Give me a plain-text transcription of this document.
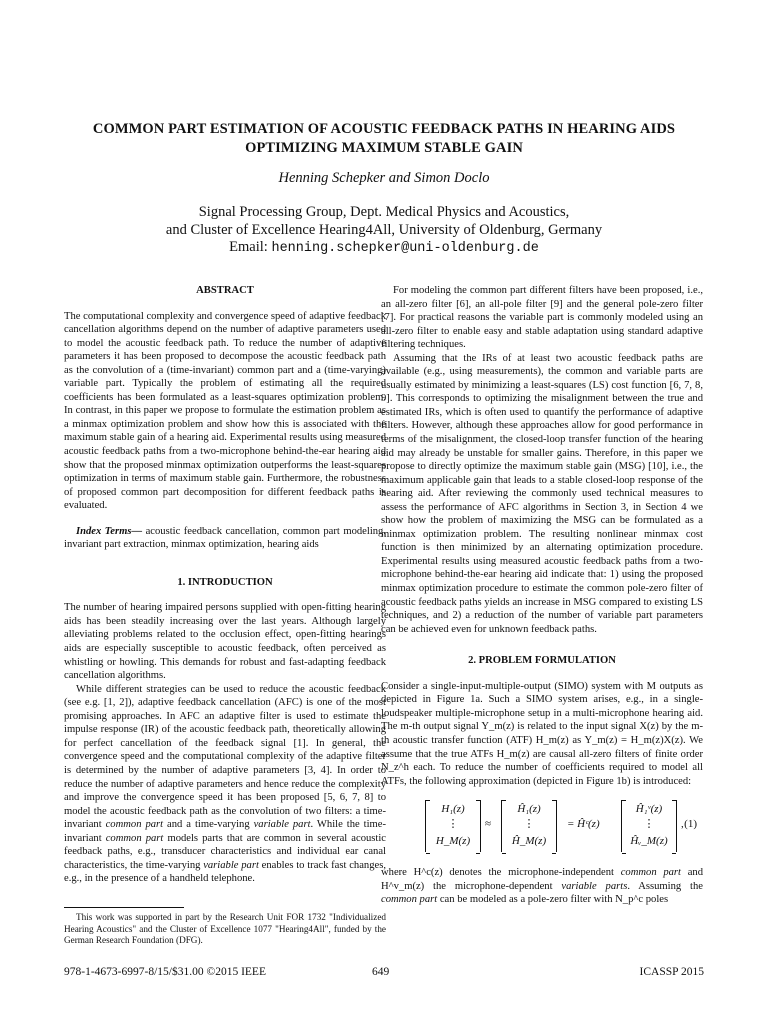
COMMON PART ESTIMATION OF ACOUSTIC FEEDBACK PATHS IN HEARING AIDS
OPTIMIZING MAXIMUM STABLE GAIN
Henning Schepker and Simon Doclo
Signal Processing Group, Dept. Medical Physics and Acoustics,
and Cluster of Excellence Hearing4All, University of Oldenburg, Germany
Email: henning.schepker@uni-oldenburg.de
ABSTRACT

The computational complexity and convergence speed of adaptive feedback cancellation algorithms depend on the number of adaptive parameters used to model the acoustic feedback path. To reduce the number of adaptive parameters it has been proposed to decompose the acoustic feedback path as the convolution of a (time-invariant) common part and a (time-varying) variable part. Typically the problem of estimating all the required coefficients has been formulated as a least-squares optimization problem. In contrast, in this paper we propose to formulate the estimation problem as a minmax optimization problem and show how this is associated with the maximum stable gain of a hearing aid. Experimental results using measured acoustic feedback paths from a two-microphone behind-the-ear hearing aid show that the proposed minmax optimization outperforms the least-squares optimization in terms of maximum stable gain. Furthermore, the robustness of proposed common part decomposition for different feedback paths is evaluated.

Index Terms— acoustic feedback cancellation, common part modeling, invariant part extraction, minmax optimization, hearing aids

1. INTRODUCTION

The number of hearing impaired persons supplied with open-fitting hearing aids has been steadily increasing over the last years. Although largely alleviating problems related to the occlusion effect, open-fitting hearings aids are especially susceptible to acoustic feedback, often perceived as whistling or howling. This demands for robust and fast-adapting feedback cancellation algorithms.

While different strategies can be used to reduce the acoustic feedback (see e.g. [1, 2]), adaptive feedback cancellation (AFC) is one of the most promising approaches. In AFC an adaptive filter is used to estimate the impulse response (IR) of the acoustic feedback path, theoretically allowing for perfect cancellation of the feedback signal [1]. In general, the convergence speed and the computational complexity of the adaptive filter is determined by the number of adaptive parameters [3, 4]. In order to reduce the number of adaptive parameters and hence reduce the complexity and improve the convergence speed it has been proposed [5, 6, 7, 8] to model the acoustic feedback path as the convolution of two filters: a time-invariant common part and a time-varying variable part. While the time-invariant common part models parts that are common in several acoustic feedback paths, e.g., transducer characteristics and individual ear canal characteristics, the time-varying variable part enables to track fast changes, e.g., in the presence of a handheld telephone.

This work was supported in part by the Research Unit FOR 1732 "Individualized Hearing Acoustics" and the Cluster of Excellence 1077 "Hearing4All", funded by the German Research Foundation (DFG).

For modeling the common part different filters have been proposed, i.e., an all-zero filter [6], an all-pole filter [9] and the general pole-zero filter [7]. For practical reasons the variable part is commonly modeled using an all-zero filter to enable easy and stable adaptation using standard adaptive filtering techniques.

Assuming that the IRs of at least two acoustic feedback paths are available (e.g., using measurements), the common and variable parts are usually estimated by minimizing a least-squares (LS) cost function [6, 7, 8, 9]. This corresponds to optimizing the misalignment between the true and estimated IRs, which is often used to quantify the performance of adaptive filters. However, although these approaches allow for good performance in terms of the misalignment, the closed-loop transfer function of the hearing aid may already be unstable for smaller gains. Therefore, in this paper we propose to directly optimize the maximum stable gain (MSG) [10], i.e., the maximum applicable gain that leads to a stable closed-loop response of the hearing aid. After reviewing the commonly used technical measures to assess the performance of AFC algorithms in Section 3, in Section 4 we show how the problem of maximizing the MSG can be formulated as a minmax optimization problem. The resulting nonlinear minmax cost function is then minimized by an alternating optimization procedure. Experimental results using measured acoustic feedback paths from a two-microphone behind-the-ear hearing aid indicate that: 1) using the proposed minmax optimization procedure to estimate the common pole-zero filter of acoustic feedback paths yields an increase in MSG compared to existing LS techniques, and 2) a reduction of the number of variable part parameters can be achieved even for unknown feedback paths.

2. PROBLEM FORMULATION

Consider a single-input-multiple-output (SIMO) system with M outputs as depicted in Figure 1a. Such a SIMO system arises, e.g., in a single-loudspeaker multiple-microphone setup in a multi-microphone hearing aid. The m-th output signal Y_m(z) is related to the input signal X(z) by the m-th acoustic transfer function (ATF) H_m(z) as Y_m(z) = H_m(z)X(z). We assume that the true ATFs H_m(z) are causal all-zero filters of finite order N_z^h each. To reduce the number of coefficients required to model all ATFs, the following approximation (depicted in Figure 1b) is introduced:

H₁(z)
⋮
H_M(z)
≈
Ĥ₁(z)
⋮
Ĥ_M(z)
= Ĥᶜ(z)
Ĥ₁ᵛ(z)
⋮
Ĥᵥ_M(z)
, (1)

where H^c(z) denotes the microphone-independent common part and H^v_m(z) the microphone-dependent variable parts. Assuming the common part can be modeled as a pole-zero filter with N_p^c poles

978-1-4673-6997-8/15/$31.00 ©2015 IEEE	649	ICASSP 2015
